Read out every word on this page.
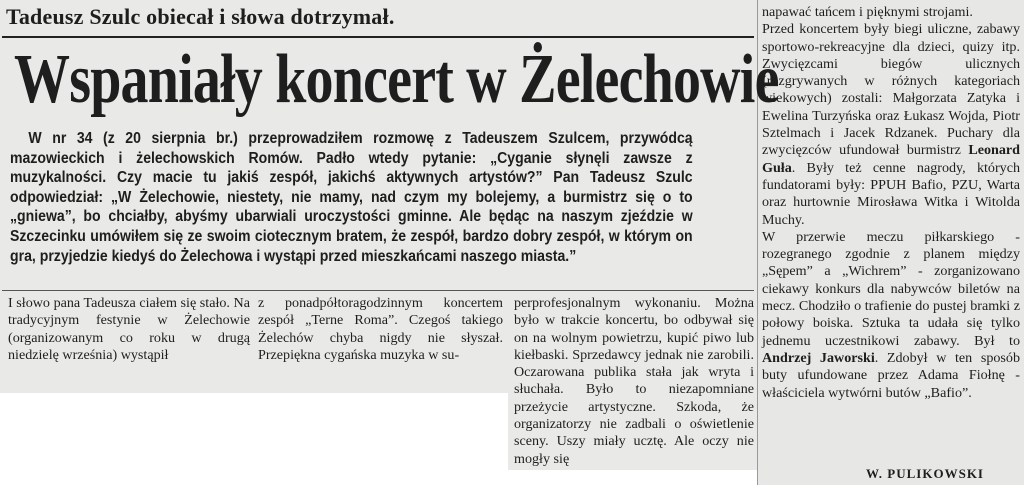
Tadeusz Szulc obiecał i słowa dotrzymał.
Wspaniały koncert w Żelechowie

W nr 34 (z 20 sierpnia br.) przeprowadziłem rozmowę z Tadeuszem Szulcem, przywódcą mazowieckich i żelechowskich Romów. Padło wtedy pytanie: „Cyganie słynęli zawsze z muzykalności. Czy macie tu jakiś zespół, jakichś aktywnych artystów?” Pan Tadeusz Szulc odpowiedział: „W Żelechowie, niestety, nie mamy, nad czym my bolejemy, a burmistrz się o to „gniewa”, bo chciałby, abyśmy ubarwiali uroczystości gminne. Ale będąc na naszym zjeździe w Szczecinku umówiłem się ze swoim ciotecznym bratem, że zespół, bardzo dobry zespół, w którym on gra, przyjedzie kiedyś do Żelechowa i wystąpi przed mieszkańcami naszego miasta.”

I słowo pana Tadeusza ciałem się stało. Na tradycyjnym festynie w Żelechowie (organizowanym co roku w drugą niedzielę września) wystąpił

z ponadpółtoragodzinnym koncertem zespół „Terne Roma”. Czegoś takiego Żelechów chyba nigdy nie słyszał. Przepiękna cygańska muzyka w su-

perprofesjonalnym wykonaniu. Można było w trakcie koncertu, bo odbywał się on na wolnym powietrzu, kupić piwo lub kiełbaski. Sprzedawcy jednak nie zarobili. Oczarowana publika stała jak wryta i słuchała. Było to niezapomniane przeżycie artystyczne. Szkoda, że organizatorzy nie zadbali o oświetlenie sceny. Uszy miały ucztę. Ale oczy nie mogły się

napawać tańcem i pięknymi strojami.
Przed koncertem były biegi uliczne, zabawy sportowo-rekreacyjne dla dzieci, quizy itp. Zwycięzcami biegów ulicznych (rozgrywanych w różnych kategoriach wiekowych) zostali: Małgorzata Zatyka i Ewelina Turzyńska oraz Łukasz Wojda, Piotr Sztelmach i Jacek Rdzanek. Puchary dla zwycięzców ufundował burmistrz Leonard Guła. Były też cenne nagrody, których fundatorami były: PPUH Bafio, PZU, Warta oraz hurtownie Mirosława Witka i Witolda Muchy.
W przerwie meczu piłkarskiego - rozegranego zgodnie z planem między „Sępem” a „Wichrem” - zorganizowano ciekawy konkurs dla nabywców biletów na mecz. Chodziło o trafienie do pustej bramki z połowy boiska. Sztuka ta udała się tylko jednemu uczestnikowi zabawy. Był to Andrzej Jaworski. Zdobył w ten sposób buty ufundowane przez Adama Fiołnę - właściciela wytwórni butów „Bafio”.

W. PULIKOWSKI
